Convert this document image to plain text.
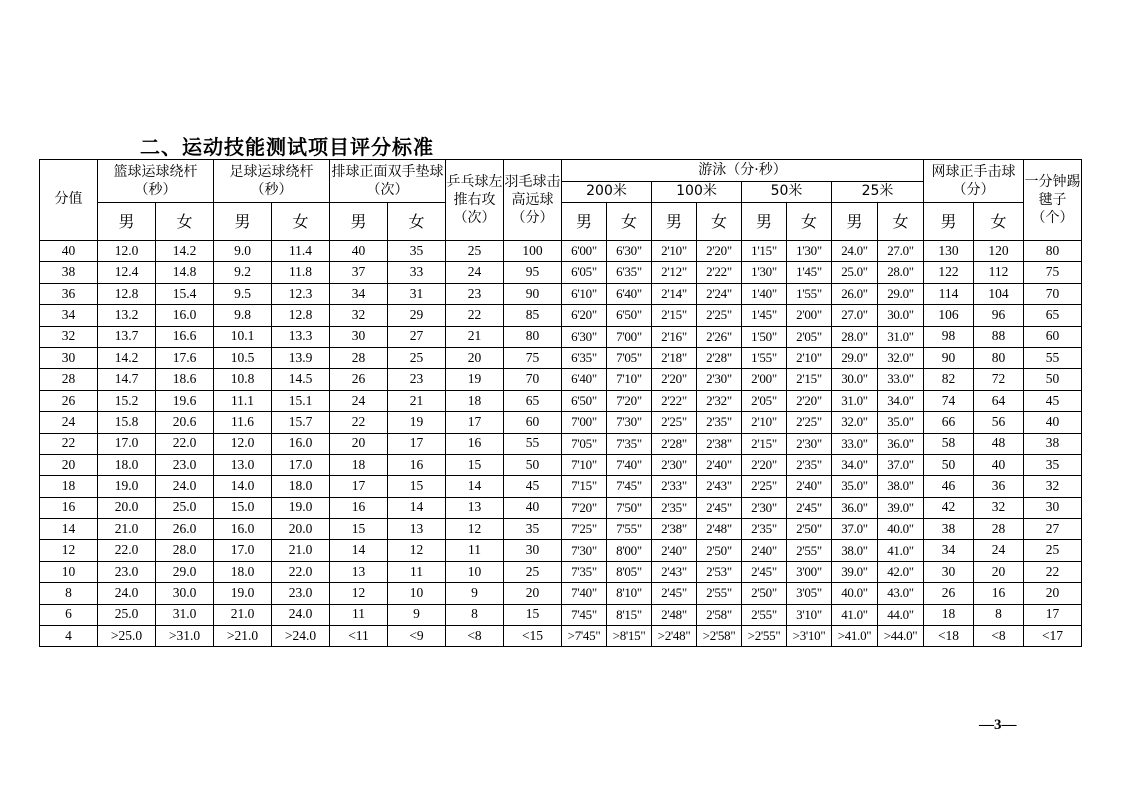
二、运动技能测试项目评分标准
分值	篮球运球绕杆（秒）		足球运球绕杆（秒）		排球正面双手垫球（次）		乒乓球左推右攻（次）	羽毛球击高远球（分）	游泳（分·秒）								网球正手击球（分）		一分钟踢毽子（个）
									200米		100米		50米		25米				
	男	女	男	女	男	女			男	女	男	女	男	女	男	女	男	女	
40	12.0	14.2	9.0	11.4	40	35	25	100	6'00"	6'30"	2'10"	2'20"	1'15"	1'30"	24.0"	27.0"	130	120	80
38	12.4	14.8	9.2	11.8	37	33	24	95	6'05"	6'35"	2'12"	2'22"	1'30"	1'45"	25.0"	28.0"	122	112	75
36	12.8	15.4	9.5	12.3	34	31	23	90	6'10"	6'40"	2'14"	2'24"	1'40"	1'55"	26.0"	29.0"	114	104	70
34	13.2	16.0	9.8	12.8	32	29	22	85	6'20"	6'50"	2'15"	2'25"	1'45"	2'00"	27.0"	30.0"	106	96	65
32	13.7	16.6	10.1	13.3	30	27	21	80	6'30"	7'00"	2'16"	2'26"	1'50"	2'05"	28.0"	31.0"	98	88	60
30	14.2	17.6	10.5	13.9	28	25	20	75	6'35"	7'05"	2'18"	2'28"	1'55"	2'10"	29.0"	32.0"	90	80	55
28	14.7	18.6	10.8	14.5	26	23	19	70	6'40"	7'10"	2'20"	2'30"	2'00"	2'15"	30.0"	33.0"	82	72	50
26	15.2	19.6	11.1	15.1	24	21	18	65	6'50"	7'20"	2'22"	2'32"	2'05"	2'20"	31.0"	34.0"	74	64	45
24	15.8	20.6	11.6	15.7	22	19	17	60	7'00"	7'30"	2'25"	2'35"	2'10"	2'25"	32.0"	35.0"	66	56	40
22	17.0	22.0	12.0	16.0	20	17	16	55	7'05"	7'35"	2'28"	2'38"	2'15"	2'30"	33.0"	36.0"	58	48	38
20	18.0	23.0	13.0	17.0	18	16	15	50	7'10"	7'40"	2'30"	2'40"	2'20"	2'35"	34.0"	37.0"	50	40	35
18	19.0	24.0	14.0	18.0	17	15	14	45	7'15"	7'45"	2'33"	2'43"	2'25"	2'40"	35.0"	38.0"	46	36	32
16	20.0	25.0	15.0	19.0	16	14	13	40	7'20"	7'50"	2'35"	2'45"	2'30"	2'45"	36.0"	39.0"	42	32	30
14	21.0	26.0	16.0	20.0	15	13	12	35	7'25"	7'55"	2'38"	2'48"	2'35"	2'50"	37.0"	40.0"	38	28	27
12	22.0	28.0	17.0	21.0	14	12	11	30	7'30"	8'00"	2'40"	2'50"	2'40"	2'55"	38.0"	41.0"	34	24	25
10	23.0	29.0	18.0	22.0	13	11	10	25	7'35"	8'05"	2'43"	2'53"	2'45"	3'00"	39.0"	42.0"	30	20	22
8	24.0	30.0	19.0	23.0	12	10	9	20	7'40"	8'10"	2'45"	2'55"	2'50"	3'05"	40.0"	43.0"	26	16	20
6	25.0	31.0	21.0	24.0	11	9	8	15	7'45"	8'15"	2'48"	2'58"	2'55"	3'10"	41.0"	44.0"	18	8	17
4	>25.0	>31.0	>21.0	>24.0	<11	<9	<8	<15	>7'45"	>8'15"	>2'48"	>2'58"	>2'55"	>3'10"	>41.0"	>44.0"	<18	<8	<17
—3—
